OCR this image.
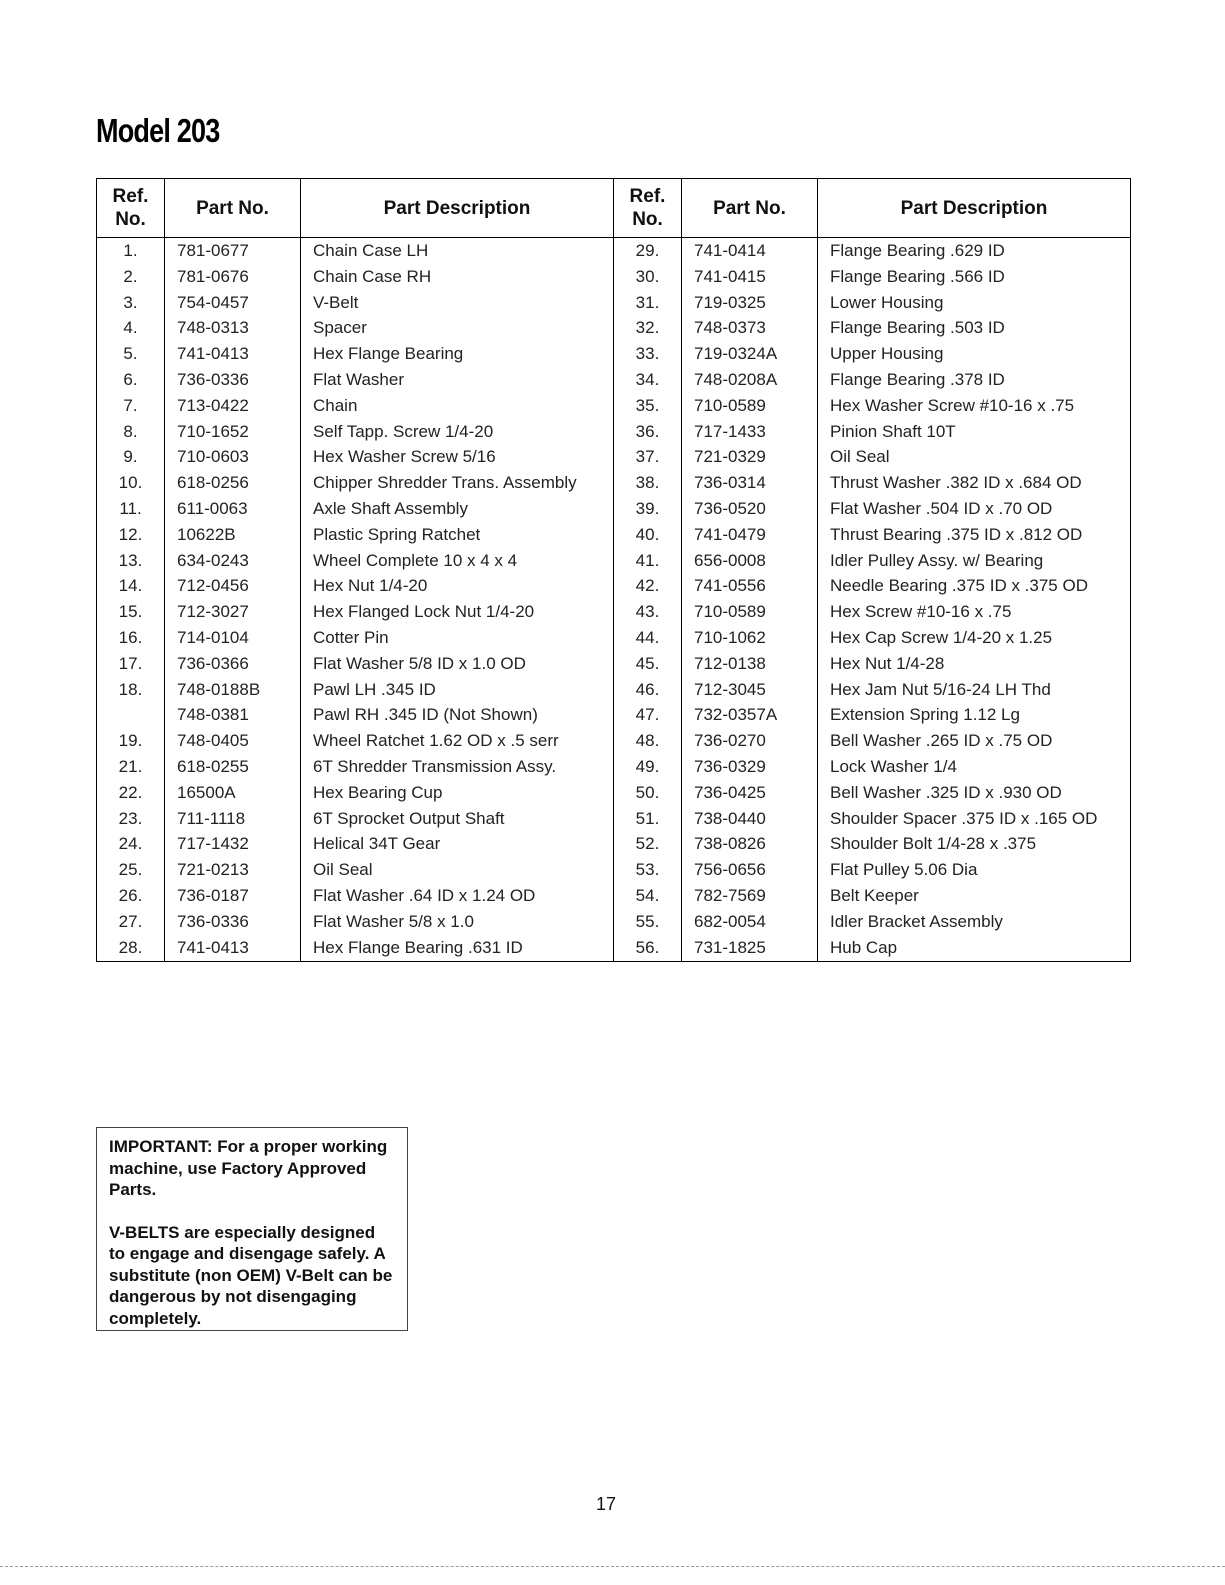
Model 203
Ref. No.	Part No.	Part Description	Ref. No.	Part No.	Part Description
1.	781-0677	Chain Case LH	29.	741-0414	Flange Bearing .629 ID
2.	781-0676	Chain Case RH	30.	741-0415	Flange Bearing .566 ID
3.	754-0457	V-Belt	31.	719-0325	Lower Housing
4.	748-0313	Spacer	32.	748-0373	Flange Bearing .503 ID
5.	741-0413	Hex Flange Bearing	33.	719-0324A	Upper Housing
6.	736-0336	Flat Washer	34.	748-0208A	Flange Bearing .378 ID
7.	713-0422	Chain	35.	710-0589	Hex Washer Screw #10-16 x .75
8.	710-1652	Self Tapp. Screw 1/4-20	36.	717-1433	Pinion Shaft 10T
9.	710-0603	Hex Washer Screw 5/16	37.	721-0329	Oil Seal
10.	618-0256	Chipper Shredder Trans. Assembly	38.	736-0314	Thrust Washer .382 ID x .684 OD
11.	611-0063	Axle Shaft Assembly	39.	736-0520	Flat Washer .504 ID x .70 OD
12.	10622B	Plastic Spring Ratchet	40.	741-0479	Thrust Bearing .375 ID x .812 OD
13.	634-0243	Wheel Complete 10 x 4 x 4	41.	656-0008	Idler Pulley Assy. w/ Bearing
14.	712-0456	Hex Nut 1/4-20	42.	741-0556	Needle Bearing .375 ID x .375 OD
15.	712-3027	Hex Flanged Lock Nut 1/4-20	43.	710-0589	Hex Screw #10-16 x .75
16.	714-0104	Cotter Pin	44.	710-1062	Hex Cap Screw 1/4-20 x 1.25
17.	736-0366	Flat Washer 5/8 ID x 1.0 OD	45.	712-0138	Hex Nut 1/4-28
18.	748-0188B	Pawl LH .345 ID	46.	712-3045	Hex Jam Nut 5/16-24 LH Thd
	748-0381	Pawl RH .345 ID (Not Shown)	47.	732-0357A	Extension Spring 1.12 Lg
19.	748-0405	Wheel Ratchet 1.62 OD x .5 serr	48.	736-0270	Bell Washer .265 ID x .75 OD
21.	618-0255	6T Shredder Transmission Assy.	49.	736-0329	Lock Washer 1/4
22.	16500A	Hex Bearing Cup	50.	736-0425	Bell Washer .325 ID x .930 OD
23.	711-1118	6T Sprocket Output Shaft	51.	738-0440	Shoulder Spacer .375 ID x .165 OD
24.	717-1432	Helical 34T Gear	52.	738-0826	Shoulder Bolt 1/4-28 x .375
25.	721-0213	Oil Seal	53.	756-0656	Flat Pulley 5.06 Dia
26.	736-0187	Flat Washer .64 ID x 1.24 OD	54.	782-7569	Belt Keeper
27.	736-0336	Flat Washer 5/8 x 1.0	55.	682-0054	Idler Bracket Assembly
28.	741-0413	Hex Flange Bearing .631 ID	56.	731-1825	Hub Cap

IMPORTANT: For a proper working machine, use Factory Approved Parts.

V-BELTS are especially designed to engage and disengage safely. A substitute (non OEM) V-Belt can be dangerous by not disengaging completely.

17
